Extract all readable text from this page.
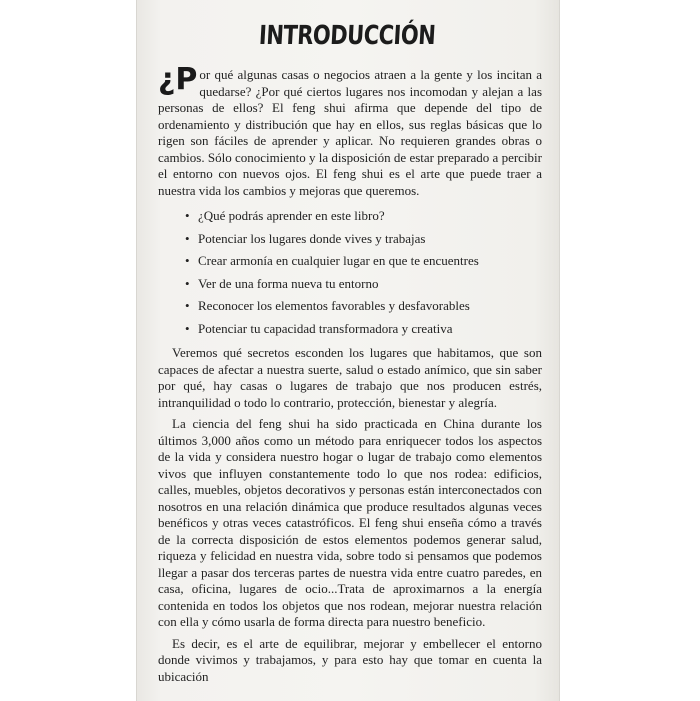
INTRODUCCIÓN

¿P or qué algunas casas o negocios atraen a la gente y los incitan a quedarse? ¿Por qué ciertos lugares nos incomodan y alejan a las personas de ellos? El feng shui afirma que depende del tipo de ordenamiento y distribución que hay en ellos, sus reglas básicas que lo rigen son fáciles de aprender y aplicar. No requieren grandes obras o cambios. Sólo conocimiento y la disposición de estar preparado a percibir el entorno con nuevos ojos. El feng shui es el arte que puede traer a nuestra vida los cambios y mejoras que queremos.

• ¿Qué podrás aprender en este libro?
• Potenciar los lugares donde vives y trabajas
• Crear armonía en cualquier lugar en que te encuentres
• Ver de una forma nueva tu entorno
• Reconocer los elementos favorables y desfavorables
• Potenciar tu capacidad transformadora y creativa

Veremos qué secretos esconden los lugares que habitamos, que son capaces de afectar a nuestra suerte, salud o estado anímico, que sin saber por qué, hay casas o lugares de trabajo que nos producen estrés, intranquilidad o todo lo contrario, protección, bienestar y alegría.

La ciencia del feng shui ha sido practicada en China durante los últimos 3,000 años como un método para enriquecer todos los aspectos de la vida y considera nuestro hogar o lugar de trabajo como elementos vivos que influyen constantemente todo lo que nos rodea: edificios, calles, muebles, objetos decorativos y personas están interconectados con nosotros en una relación dinámica que produce resultados algunas veces benéficos y otras veces catastróficos. El feng shui enseña cómo a través de la correcta disposición de estos elementos podemos generar salud, riqueza y felicidad en nuestra vida, sobre todo si pensamos que podemos llegar a pasar dos terceras partes de nuestra vida entre cuatro paredes, en casa, oficina, lugares de ocio...Trata de aproximarnos a la energía contenida en todos los objetos que nos rodean, mejorar nuestra relación con ella y cómo usarla de forma directa para nuestro beneficio.

Es decir, es el arte de equilibrar, mejorar y embellecer el entorno donde vivimos y trabajamos, y para esto hay que tomar en cuenta la ubicación
